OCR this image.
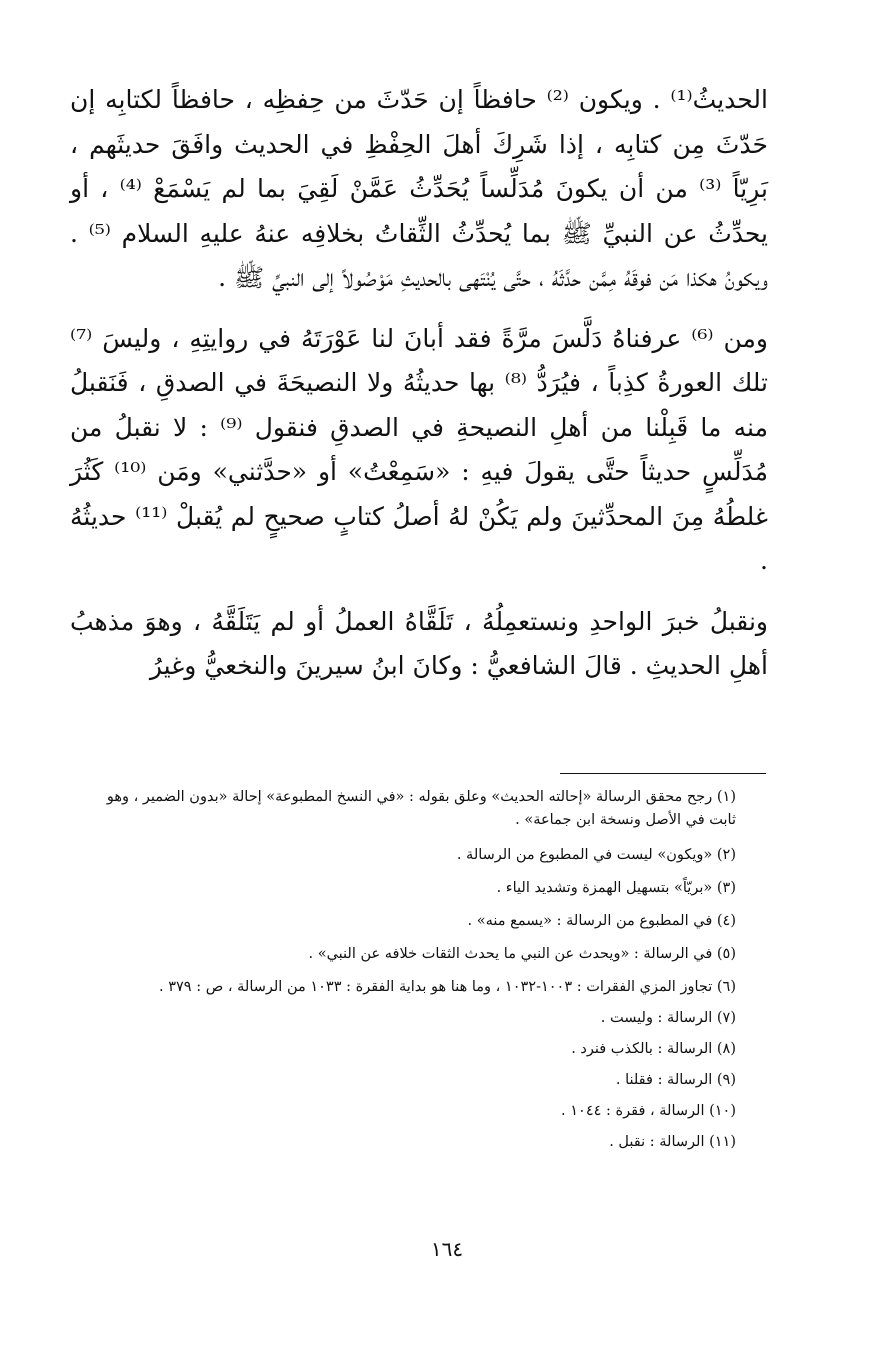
الحديثُ⁽¹⁾ . ويكون ⁽²⁾ حافظاً إن حَدّثَ من حِفظِه ، حافظاً لكتابِه إن حَدّثَ مِن كتابِه ، إذا شَرِكَ أهلَ الحِفْظِ في الحديث وافَقَ حديثَهم ، بَرِيّاً ⁽³⁾ من أن يكونَ مُدَلِّساً يُحَدِّثُ عَمَّنْ لَقِيَ بما لم يَسْمَعْ ⁽⁴⁾ ، أو يحدِّثُ عن النبيِّ ﷺ بما يُحدِّثُ الثِّقاتُ بخلافِه عنهُ عليهِ السلام ⁽⁵⁾ . ويكونُ هكذا مَن فوقَهُ مِمَّن حدَّثَهُ ، حتَّى يُنْتَهى بالحديثِ مَوْصُولاً إلى النبيِّ ﷺ .

ومن ⁽⁶⁾ عرفناهُ دَلَّسَ مرَّةً فقد أبانَ لنا عَوْرَتَهُ في روايتِهِ ، وليسَ ⁽⁷⁾ تلك العورةُ كذِباً ، فيُرَدُّ ⁽⁸⁾ بها حديثُهُ ولا النصيحَةَ في الصدقِ ، فَنَقبلُ منه ما قَبِلْنا من أهلِ النصيحةِ في الصدقِ فنقول ⁽⁹⁾ : لا نقبلُ من مُدَلِّسٍ حديثاً حتَّى يقولَ فيهِ : «سَمِعْتُ» أو «حدَّثني» ومَن ⁽¹⁰⁾ كَثُرَ غلطُهُ مِنَ المحدِّثينَ ولم يَكُنْ لهُ أصلُ كتابٍ صحيحٍ لم يُقبلْ ⁽¹¹⁾ حديثُهُ .

ونقبلُ خبرَ الواحدِ ونستعمِلُهُ ، تَلَقَّاهُ العملُ أو لم يَتَلَقَّهُ ، وهوَ مذهبُ أهلِ الحديثِ . قالَ الشافعيُّ : وكانَ ابنُ سيرينَ والنخعيُّ وغيرُ

(١) رجح محقق الرسالة «إحالته الحديث» وعلق بقوله : «في النسخ المطبوعة» إحالة «بدون الضمير ، وهو ثابت في الأصل ونسخة ابن جماعة» .

(٢) «ويكون» ليست في المطبوع من الرسالة .

(٣) «بريّاً» بتسهيل الهمزة وتشديد الياء .

(٤) في المطبوع من الرسالة : «يسمع منه» .

(٥) في الرسالة : «ويحدث عن النبي ما يحدث الثقات خلافه عن النبي» .

(٦) تجاوز المزي الفقرات : ١٠٠٣-١٠٣٢ ، وما هنا هو بداية الفقرة : ١٠٣٣ من الرسالة ، ص : ٣٧٩ .

(٧) الرسالة : وليست .

(٨) الرسالة : بالكذب فنرد .

(٩) الرسالة : فقلنا .

(١٠) الرسالة ، فقرة : ١٠٤٤ .

(١١) الرسالة : نقبل .

١٦٤
